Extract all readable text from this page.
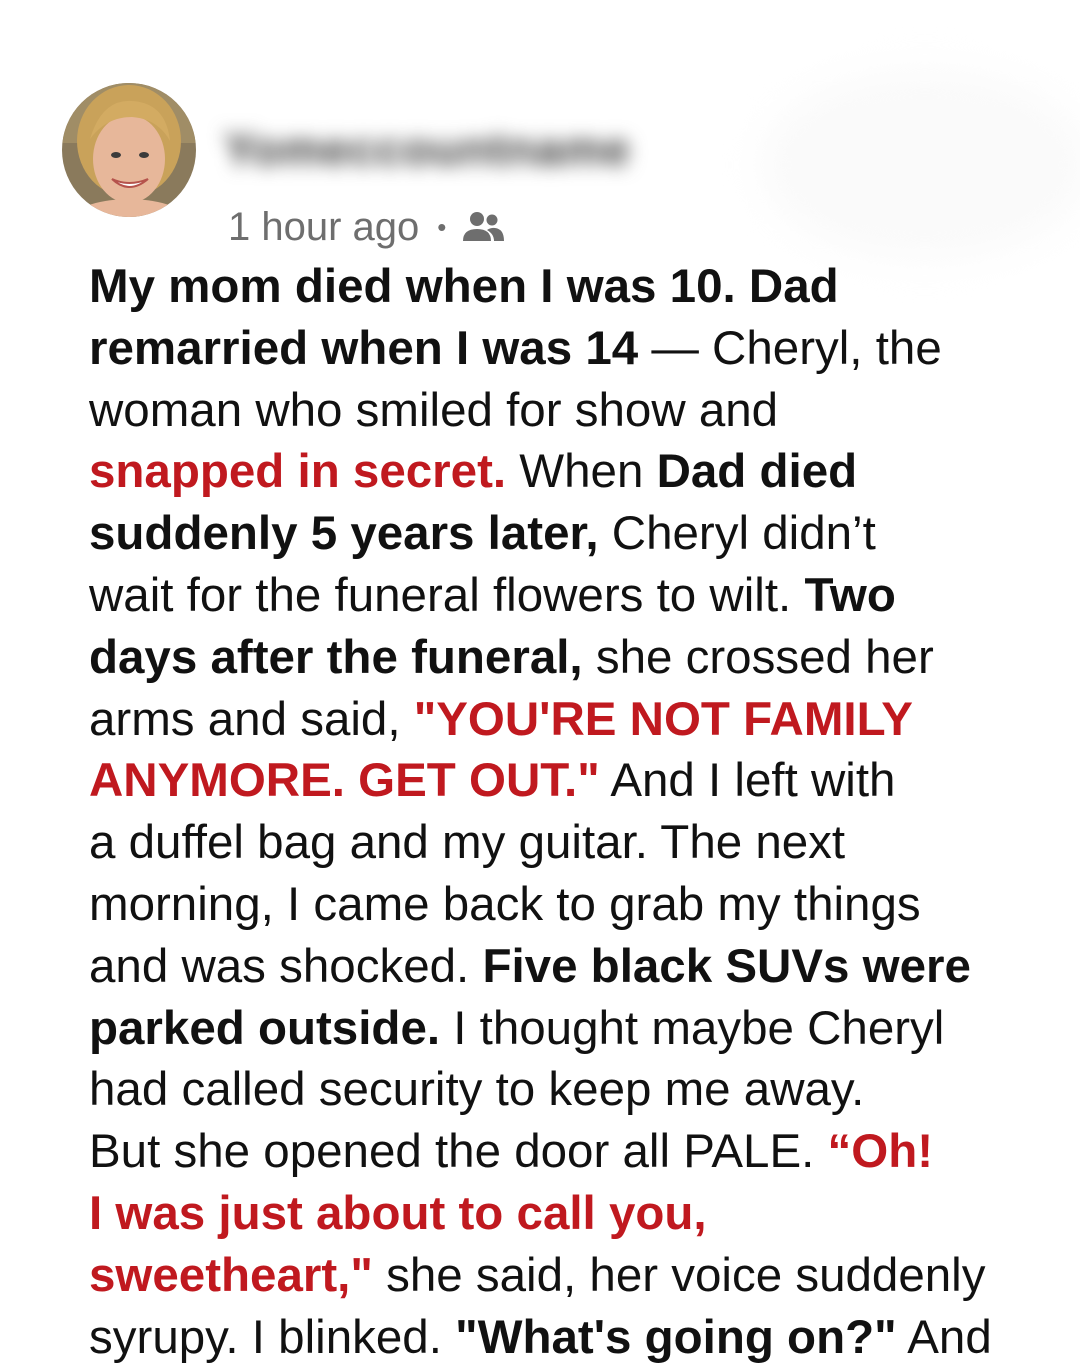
Yomeccountname
1 hour ago •
My mom died when I was 10. Dad
remarried when I was 14 — Cheryl, the
woman who smiled for show and
snapped in secret. When Dad died
suddenly 5 years later, Cheryl didn’t
wait for the funeral flowers to wilt. Two
days after the funeral, she crossed her
arms and said, "YOU'RE NOT FAMILY
ANYMORE. GET OUT." And I left with
a duffel bag and my guitar. The next
morning, I came back to grab my things
and was shocked. Five black SUVs were
parked outside. I thought maybe Cheryl
had called security to keep me away.
But she opened the door all PALE. “Oh!
I was just about to call you,
sweetheart," she said, her voice suddenly
syrupy. I blinked. "What's going on?" And
